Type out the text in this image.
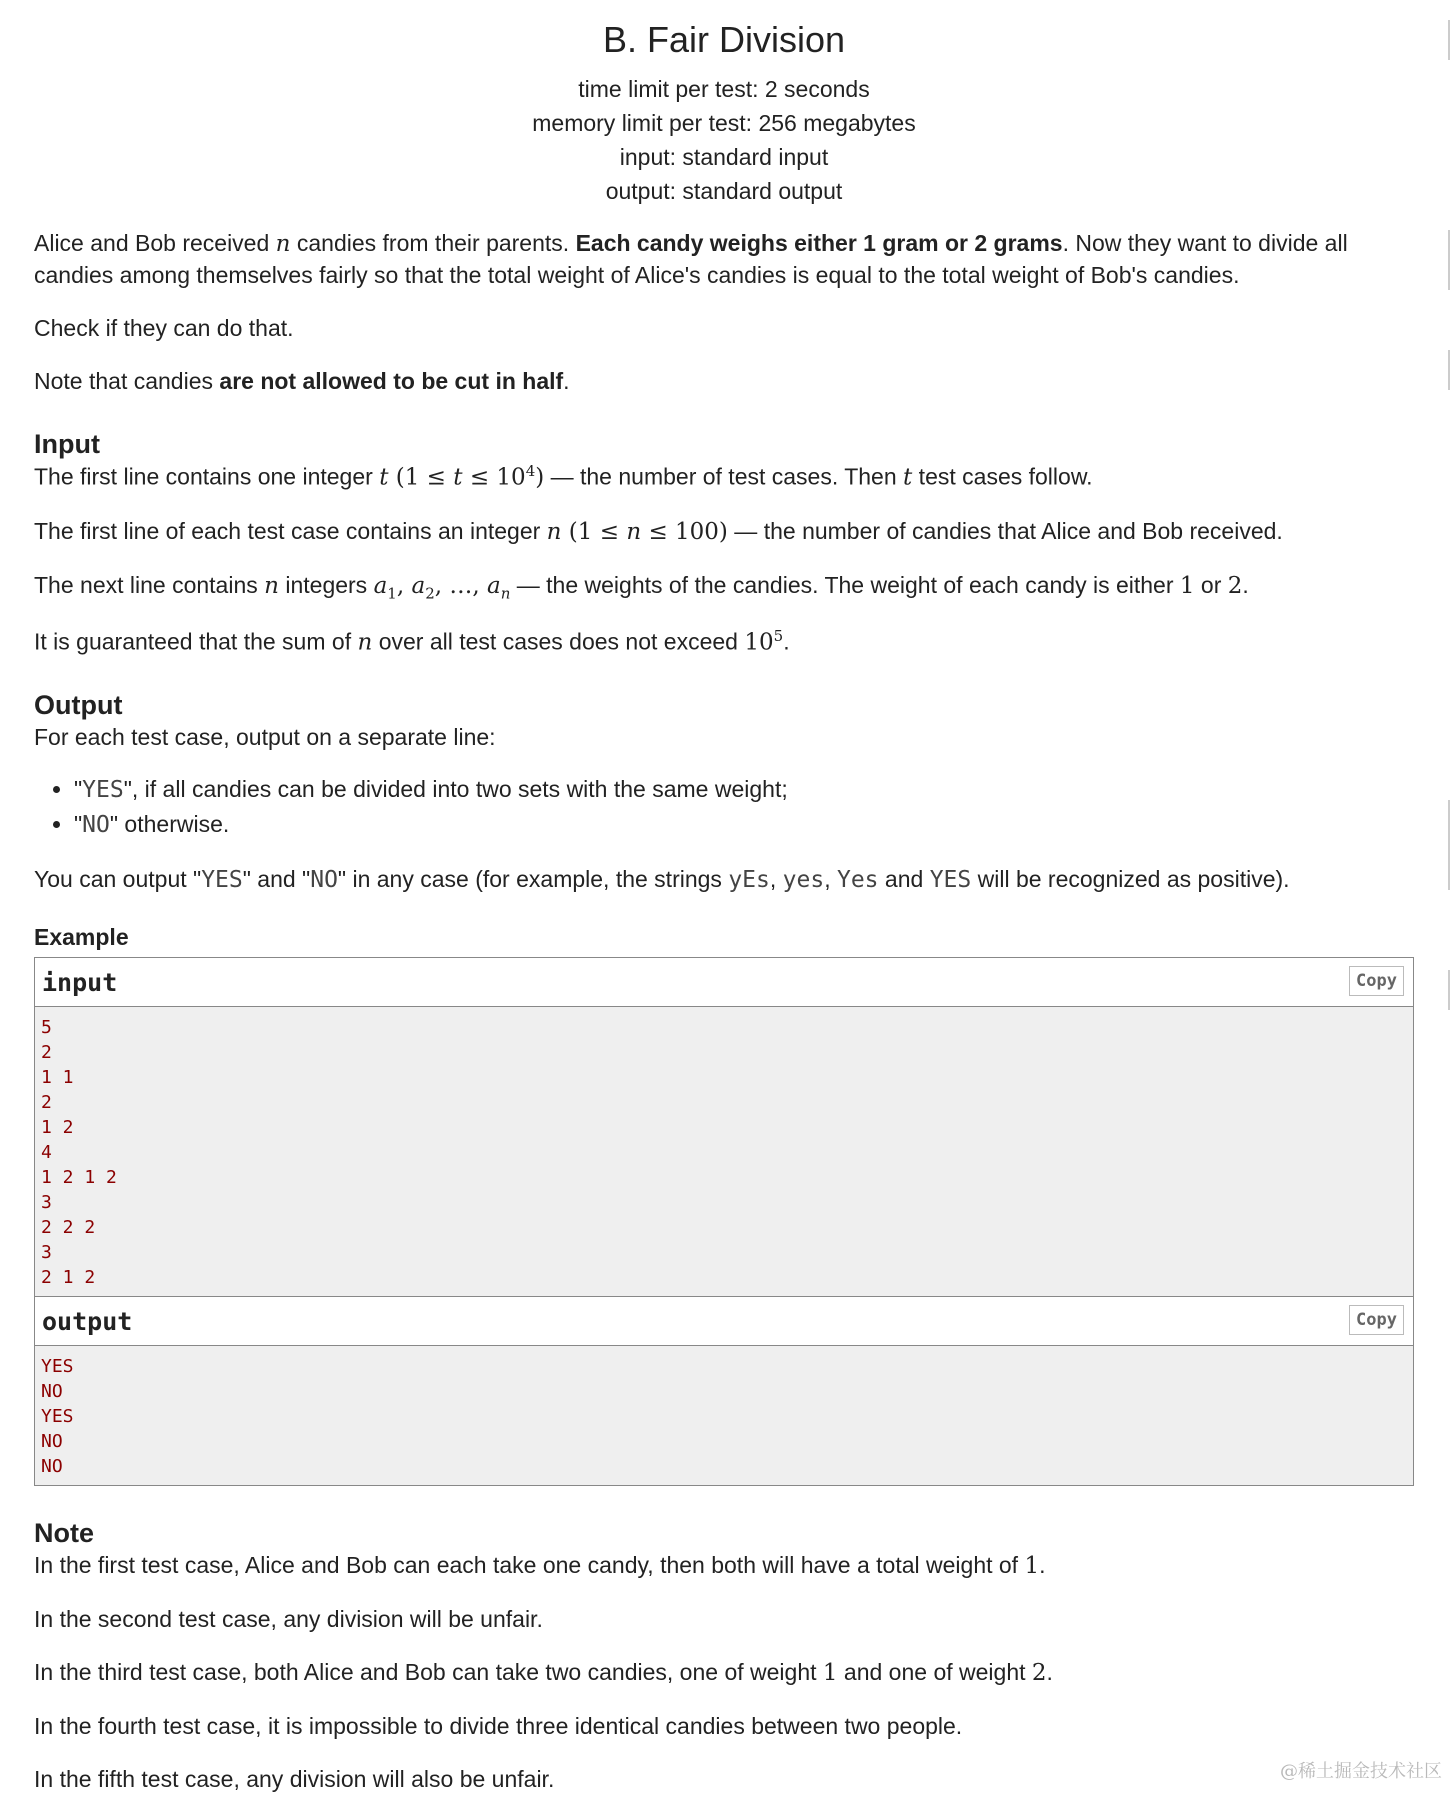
B. Fair Division
time limit per test: 2 seconds
memory limit per test: 256 megabytes
input: standard input
output: standard output

Alice and Bob received n candies from their parents. Each candy weighs either 1 gram or 2 grams. Now they want to divide all candies among themselves fairly so that the total weight of Alice's candies is equal to the total weight of Bob's candies.

Check if they can do that.

Note that candies are not allowed to be cut in half.

Input

The first line contains one integer t $(1 \le t \le 10^4)$ — the number of test cases. Then t test cases follow.

The first line of each test case contains an integer n (1 ≤ n ≤ 100) — the number of candies that Alice and Bob received.

The next line contains n integers $a_1$, $a_2$, …, $a_n$ — the weights of the candies. The weight of each candy is either 1 or 2.

It is guaranteed that the sum of n over all test cases does not exceed $10^5$.

Output

For each test case, output on a separate line:

• "YES", if all candies can be divided into two sets with the same weight;
• "NO" otherwise.

You can output "YES" and "NO" in any case (for example, the strings yEs, yes, Yes and YES will be recognized as positive).

Example
input	Copy
5
2
1 1
2
1 2
4
1 2 1 2
3
2 2 2
3
2 1 2
output	Copy
YES
NO
YES
NO
NO
Note

In the first test case, Alice and Bob can each take one candy, then both will have a total weight of 1.

In the second test case, any division will be unfair.

In the third test case, both Alice and Bob can take two candies, one of weight 1 and one of weight 2.

In the fourth test case, it is impossible to divide three identical candies between two people.

In the fifth test case, any division will also be unfair.	@稀土掘金技术社区
